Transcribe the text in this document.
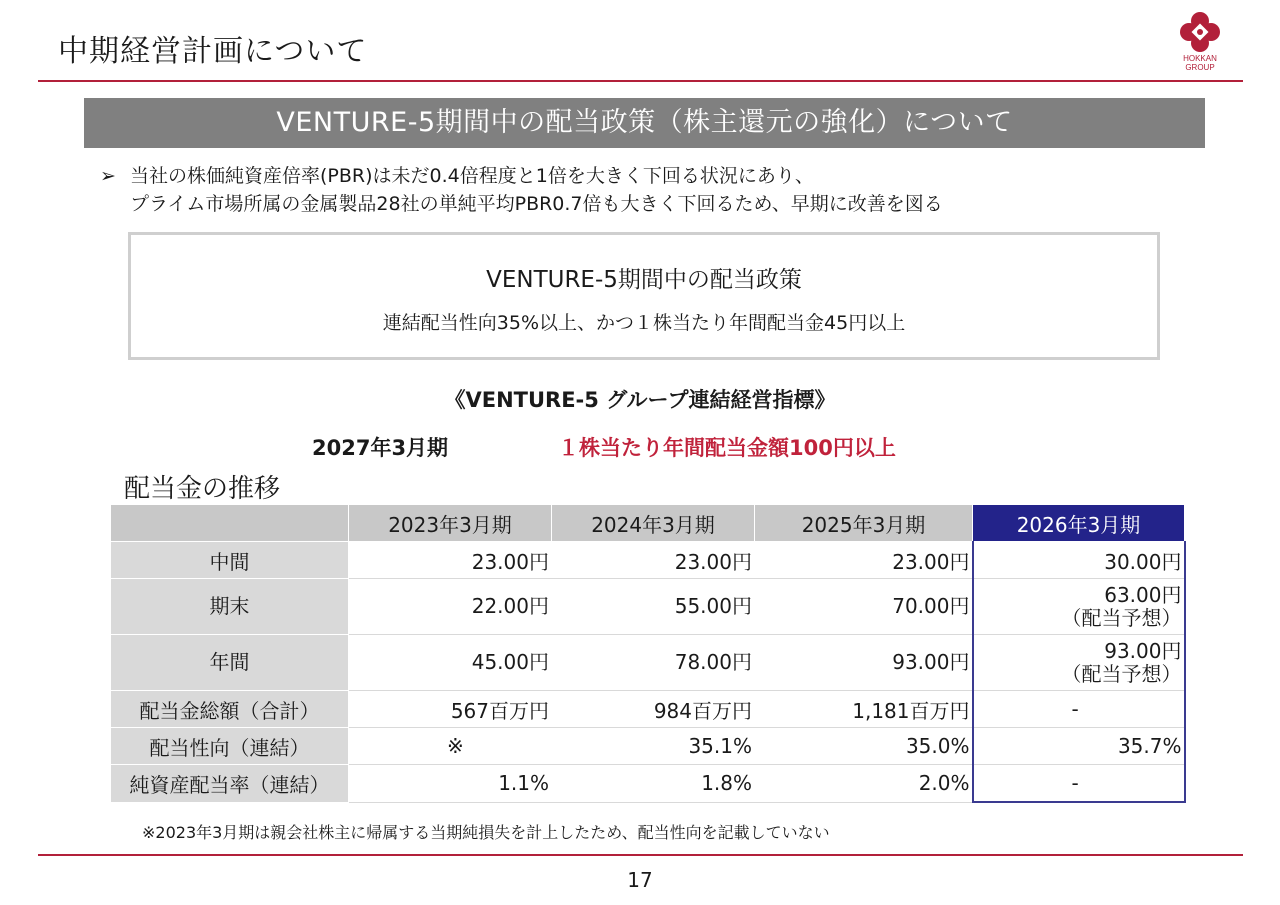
中期経営計画について	HOKKAN
GROUP
VENTURE-5期間中の配当政策（株主還元の強化）について
➢ 当社の株価純資産倍率(PBR)は未だ0.4倍程度と1倍を大きく下回る状況にあり、
プライム市場所属の金属製品28社の単純平均PBR0.7倍も大きく下回るため、早期に改善を図る
VENTURE-5期間中の配当政策
連結配当性向35%以上、かつ１株当たり年間配当金45円以上
《VENTURE-5 グループ連結経営指標》
2027年3月期	１株当たり年間配当金額100円以上
配当金の推移
	2023年3月期	2024年3月期	2025年3月期	2026年3月期
中間	23.00円	23.00円	23.00円	30.00円
期末	22.00円	55.00円	70.00円	63.00円
（配当予想）

年間	45.00円	78.00円	93.00円	93.00円
（配当予想）

配当金総額（合計）	567百万円	984百万円	1,181百万円	-
配当性向（連結）	※	35.1%	35.0%	35.7%
純資産配当率（連結）	1.1%	1.8%	2.0%	-
※2023年3月期は親会社株主に帰属する当期純損失を計上したため、配当性向を記載していない
17
